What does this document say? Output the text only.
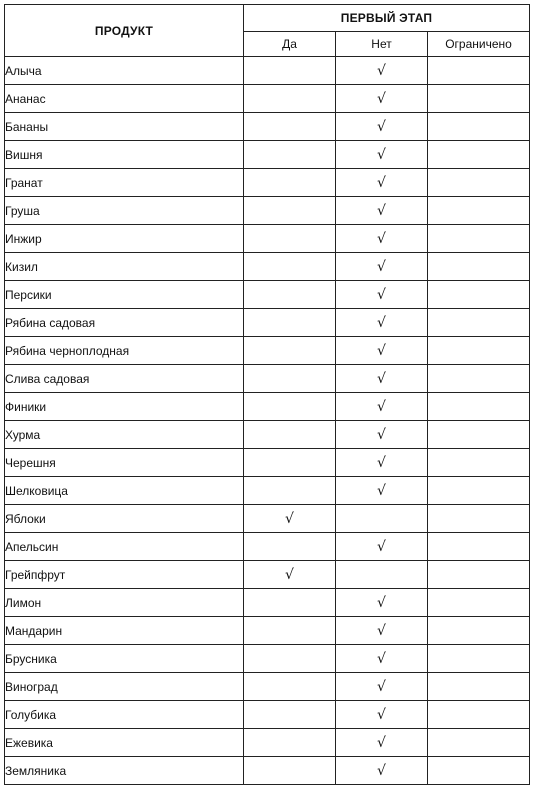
ПРОДУКТ	ПЕРВЫЙ ЭТАП		
	Да	Нет	Ограничено
Алыча		√	
Ананас		√	
Бананы		√	
Вишня		√	
Гранат		√	
Груша		√	
Инжир		√	
Кизил		√	
Персики		√	
Рябина садовая		√	
Рябина черноплодная		√	
Слива садовая		√	
Финики		√	
Хурма		√	
Черешня		√	
Шелковица		√	
Яблоки	√		
Апельсин		√	
Грейпфрут	√		
Лимон		√	
Мандарин		√	
Брусника		√	
Виноград		√	
Голубика		√	
Ежевика		√	
Земляника		√	
